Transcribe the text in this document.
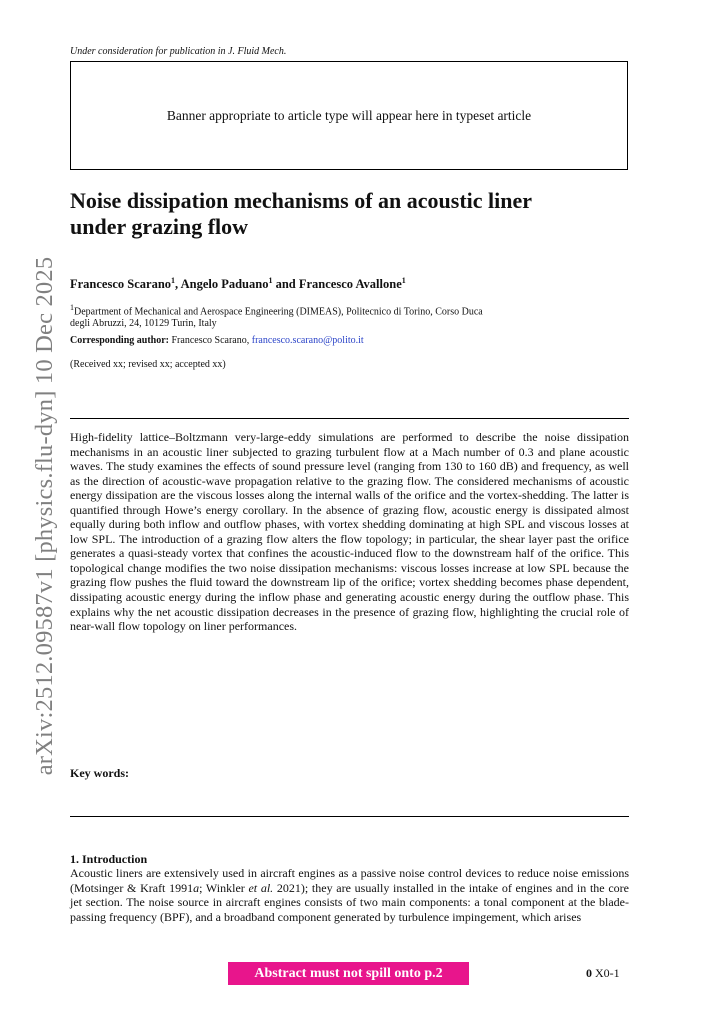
Under consideration for publication in J. Fluid Mech.
Banner appropriate to article type will appear here in typeset article
Noise dissipation mechanisms of an acoustic liner
under grazing flow
Francesco Scarano$^1$, Angelo Paduano$^1$ and Francesco Avallone$^1$
$^1$Department of Mechanical and Aerospace Engineering (DIMEAS), Politecnico di Torino, Corso Duca
degli Abruzzi, 24, 10129 Turin, Italy
Corresponding author: Francesco Scarano, francesco.scarano@polito.it
(Received xx; revised xx; accepted xx)
High-fidelity lattice–Boltzmann very-large-eddy simulations are performed to describe the noise dissipation mechanisms in an acoustic liner subjected to grazing turbulent flow at a Mach number of 0.3 and plane acoustic waves. The study examines the effects of sound pressure level (ranging from 130 to 160 dB) and frequency, as well as the direction of acoustic-wave propagation relative to the grazing flow. The considered mechanisms of acoustic energy dissipation are the viscous losses along the internal walls of the orifice and the vortex-shedding. The latter is quantified through Howe’s energy corollary. In the absence of grazing flow, acoustic energy is dissipated almost equally during both inflow and outflow phases, with vortex shedding dominating at high SPL and viscous losses at low SPL. The introduction of a grazing flow alters the flow topology; in particular, the shear layer past the orifice generates a quasi-steady vortex that confines the acoustic-induced flow to the downstream half of the orifice. This topological change modifies the two noise dissipation mechanisms: viscous losses increase at low SPL because the grazing flow pushes the fluid toward the downstream lip of the orifice; vortex shedding becomes phase dependent, dissipating acoustic energy during the inflow phase and generating acoustic energy during the outflow phase. This explains why the net acoustic dissipation decreases in the presence of grazing flow, highlighting the crucial role of near-wall flow topology on liner performances.
Key words:
1. Introduction
Acoustic liners are extensively used in aircraft engines as a passive noise control devices to reduce noise emissions (Motsinger & Kraft 1991a; Winkler et al. 2021); they are usually installed in the intake of engines and in the core jet section. The noise source in aircraft engines consists of two main components: a tonal component at the blade-passing frequency (BPF), and a broadband component generated by turbulence impingement, which arises
Abstract must not spill onto p.2	0 X0-1
arXiv:2512.09587v1 [physics.flu-dyn] 10 Dec 2025
